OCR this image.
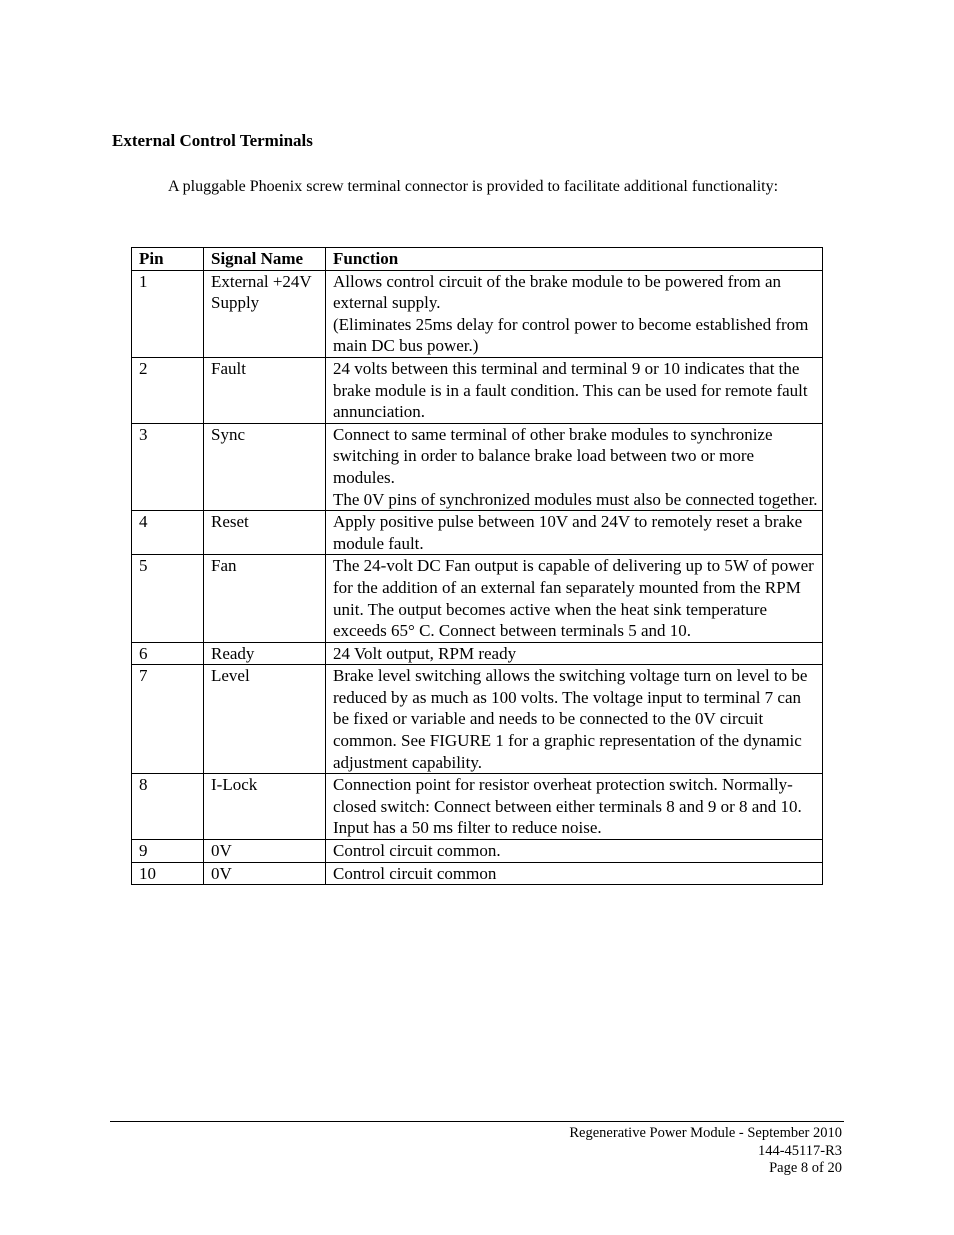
External Control Terminals

A pluggable Phoenix screw terminal connector is provided to facilitate additional functionality:

Pin	Signal Name	Function
1	External +24V Supply	Allows control circuit of the brake module to be powered from an external supply.
(Eliminates 25ms delay for control power to become established from main DC bus power.)

2	Fault	24 volts between this terminal and terminal 9 or 10 indicates that the brake module is in a fault condition. This can be used for remote fault annunciation.

3	Sync	Connect to same terminal of other brake modules to synchronize switching in order to balance brake load between two or more modules.
The 0V pins of synchronized modules must also be connected together.

4	Reset	Apply positive pulse between 10V and 24V to remotely reset a brake module fault.

5	Fan	The 24-volt DC Fan output is capable of delivering up to 5W of power for the addition of an external fan separately mounted from the RPM unit. The output becomes active when the heat sink temperature exceeds 65° C. Connect between terminals 5 and 10.

6	Ready	24 Volt output, RPM ready

7	Level	Brake level switching allows the switching voltage turn on level to be reduced by as much as 100 volts. The voltage input to terminal 7 can be fixed or variable and needs to be connected to the 0V circuit common. See FIGURE 1 for a graphic representation of the dynamic adjustment capability.

8	I-Lock	Connection point for resistor overheat protection switch. Normally-closed switch: Connect between either terminals 8 and 9 or 8 and 10. Input has a 50 ms filter to reduce noise.

9	0V	Control circuit common.

10	0V	Control circuit common
Regenerative Power Module - September 2010
144-45117-R3
Page 8 of 20
